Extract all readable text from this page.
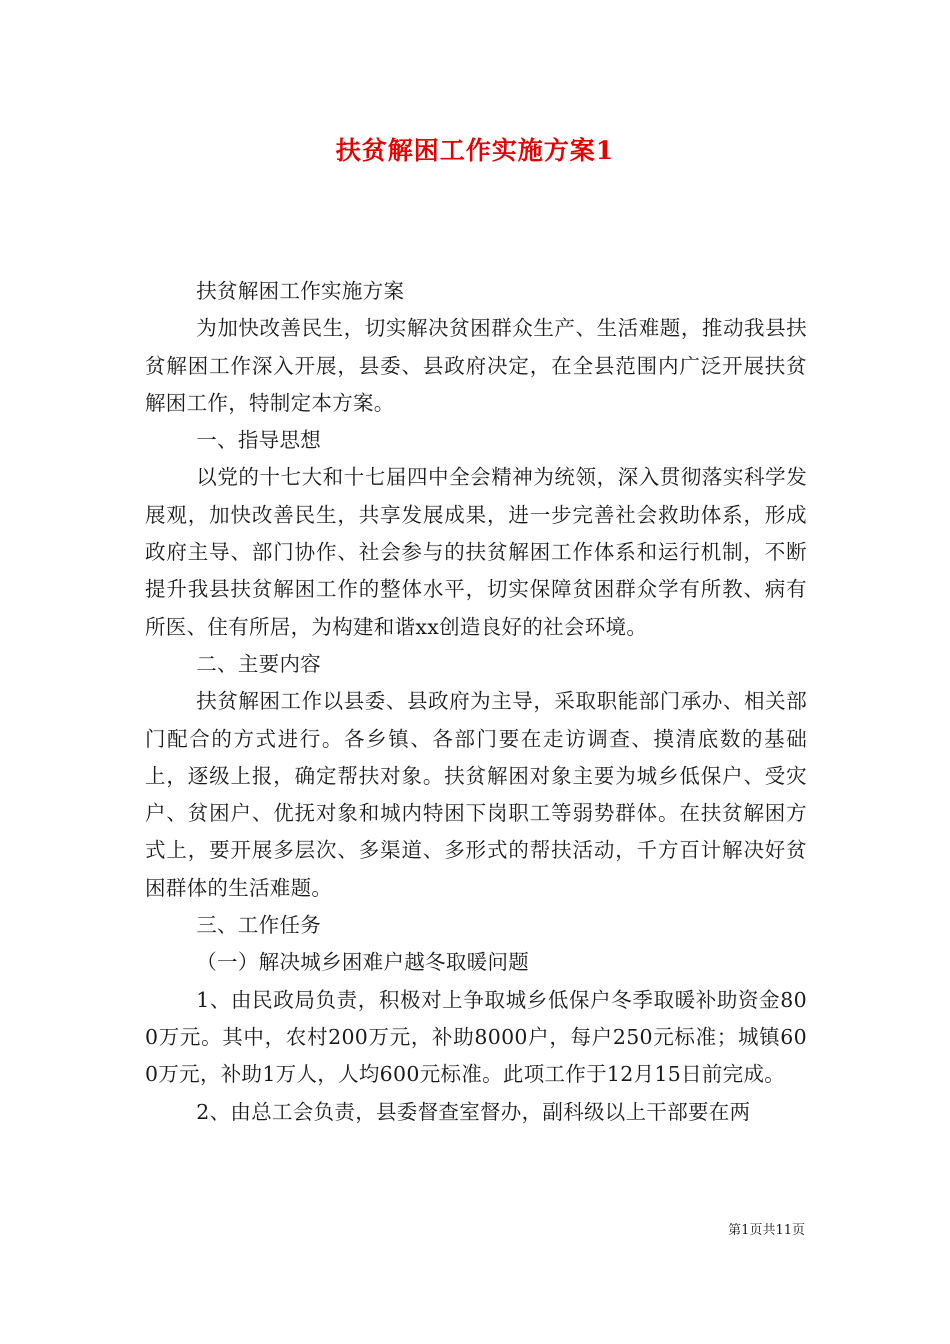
扶贫解困工作实施方案1

扶贫解困工作实施方案

为加快改善民生，切实解决贫困群众生产、生活难题，推动我县扶贫解困工作深入开展，县委、县政府决定，在全县范围内广泛开展扶贫解困工作，特制定本方案。

一、指导思想

以党的十七大和十七届四中全会精神为统领，深入贯彻落实科学发展观，加快改善民生，共享发展成果，进一步完善社会救助体系，形成政府主导、部门协作、社会参与的扶贫解困工作体系和运行机制，不断提升我县扶贫解困工作的整体水平，切实保障贫困群众学有所教、病有所医、住有所居，为构建和谐xx创造良好的社会环境。

二、主要内容

扶贫解困工作以县委、县政府为主导，采取职能部门承办、相关部门配合的方式进行。各乡镇、各部门要在走访调查、摸清底数的基础上，逐级上报，确定帮扶对象。扶贫解困对象主要为城乡低保户、受灾户、贫困户、优抚对象和城内特困下岗职工等弱势群体。在扶贫解困方式上，要开展多层次、多渠道、多形式的帮扶活动，千方百计解决好贫困群体的生活难题。

三、工作任务

（一）解决城乡困难户越冬取暖问题

1、由民政局负责，积极对上争取城乡低保户冬季取暖补助资金800万元。其中，农村200万元，补助8000户，每户250元标准；城镇600万元，补助1万人，人均600元标准。此项工作于12月15日前完成。

2、由总工会负责，县委督查室督办，副科级以上干部要在两

第1页共11页
